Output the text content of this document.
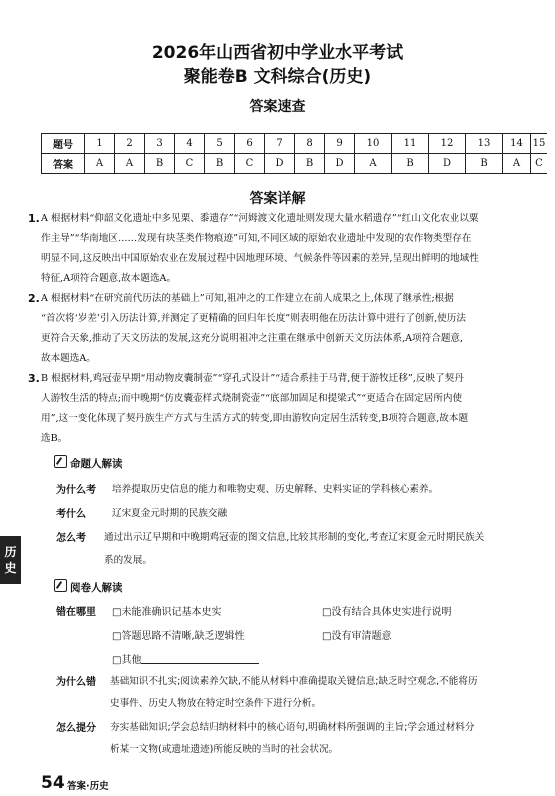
2026年山西省初中学业水平考试
聚能卷B 文科综合(历史)
答案速查
题号	1	2	3	4	5	6	7	8	9	10	11	12	13	14	15
答案	A	A	B	C	B	C	D	B	D	A	B	D	B	A	C
答案详解
1. A 根据材料“仰韶文化遗址中多见栗、黍遗存”“河姆渡文化遗址则发现大量水稻遗存”“红山文化农业以粟
作主导”“华南地区……发现有块茎类作物痕迹”可知,不同区域的原始农业遗址中发现的农作物类型存在
明显不同,这反映出中国原始农业在发展过程中因地理环境、气候条件等因素的差异,呈现出鲜明的地域性
特征,A项符合题意,故本题选A。
2. A 根据材料“在研究前代历法的基础上”可知,祖冲之的工作建立在前人成果之上,体现了继承性;根据
“首次将‘岁差’引入历法计算,并测定了更精确的回归年长度”则表明他在历法计算中进行了创新,使历法
更符合天象,推动了天文历法的发展,这充分说明祖冲之注重在继承中创新天文历法体系,A项符合题意,
故本题选A。
3. B 根据材料,鸡冠壶早期“用动物皮囊制壶”“穿孔式设计”“适合系挂于马背,便于游牧迁移”,反映了契丹
人游牧生活的特点;而中晚期“仿皮囊壶样式烧制瓷壶”“底部加固足和提梁式”“更适合在固定居所内使
用”,这一变化体现了契丹族生产方式与生活方式的转变,即由游牧向定居生活转变,B项符合题意,故本题
选B。
命题人解读
为什么考 培养提取历史信息的能力和唯物史观、历史解释、史料实证的学科核心素养。
考什么	辽宋夏金元时期的民族交融
怎么考 通过出示辽早期和中晚期鸡冠壶的图文信息,比较其形制的变化,考查辽宋夏金元时期民族关
系的发展。
阅卷人解读
错在哪里 □未能准确识记基本史实	□没有结合具体史实进行说明
□答题思路不清晰,缺乏逻辑性	□没有审清题意
□其他
为什么错 基础知识不扎实;阅读素养欠缺,不能从材料中准确提取关键信息;缺乏时空观念,不能将历
史事件、历史人物放在特定时空条件下进行分析。
怎么提分 夯实基础知识;学会总结归纳材料中的核心语句,明确材料所强调的主旨;学会通过材料分
析某一文物(或遗址遗迹)所能反映的当时的社会状况。
历
史
54 答案·历史
